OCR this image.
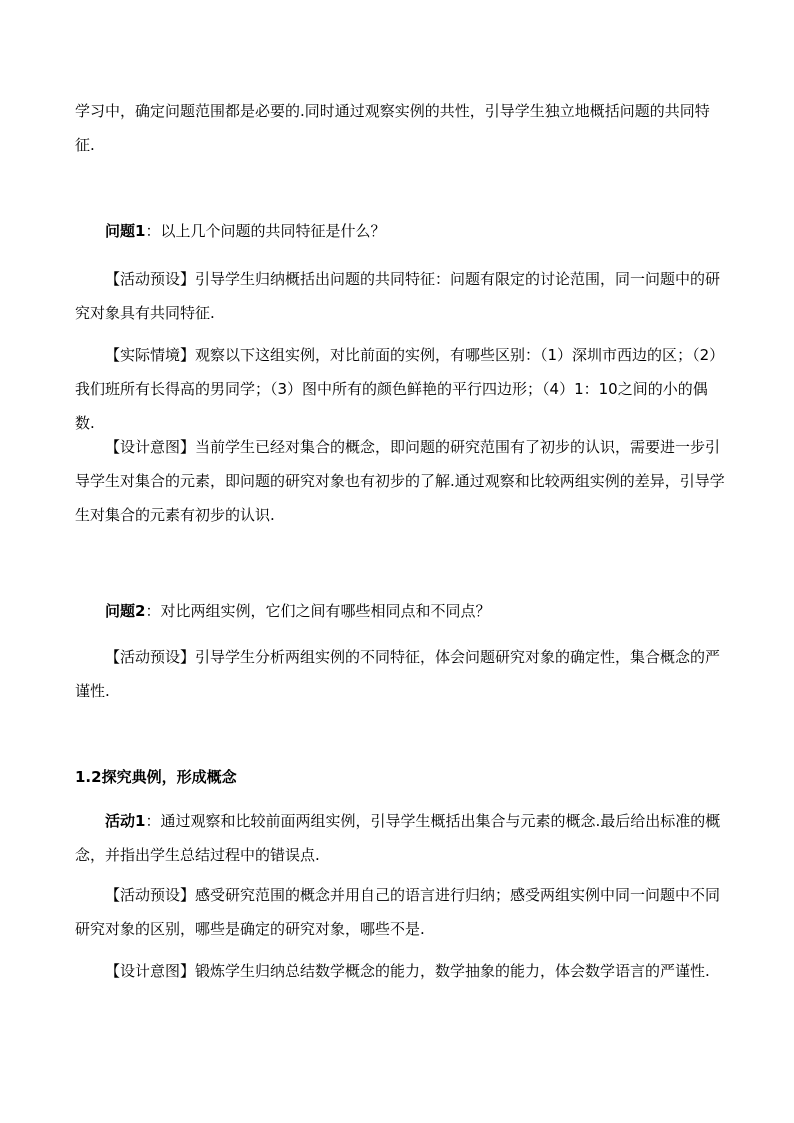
学习中，确定问题范围都是必要的.同时通过观察实例的共性，引导学生独立地概括问题的共同特征.

问题1：以上几个问题的共同特征是什么？

【活动预设】引导学生归纳概括出问题的共同特征：问题有限定的讨论范围，同一问题中的研究对象具有共同特征.

【实际情境】观察以下这组实例，对比前面的实例，有哪些区别：（1）深圳市西边的区；（2）我们班所有长得高的男同学；（3）图中所有的颜色鲜艳的平行四边形；（4）1：10之间的小的偶数.

【设计意图】当前学生已经对集合的概念，即问题的研究范围有了初步的认识，需要进一步引导学生对集合的元素，即问题的研究对象也有初步的了解.通过观察和比较两组实例的差异，引导学生对集合的元素有初步的认识.

问题2：对比两组实例，它们之间有哪些相同点和不同点？

【活动预设】引导学生分析两组实例的不同特征，体会问题研究对象的确定性，集合概念的严谨性.

1.2探究典例，形成概念

活动1：通过观察和比较前面两组实例，引导学生概括出集合与元素的概念.最后给出标准的概念，并指出学生总结过程中的错误点.

【活动预设】感受研究范围的概念并用自己的语言进行归纳；感受两组实例中同一问题中不同研究对象的区别，哪些是确定的研究对象，哪些不是.

【设计意图】锻炼学生归纳总结数学概念的能力，数学抽象的能力，体会数学语言的严谨性.
